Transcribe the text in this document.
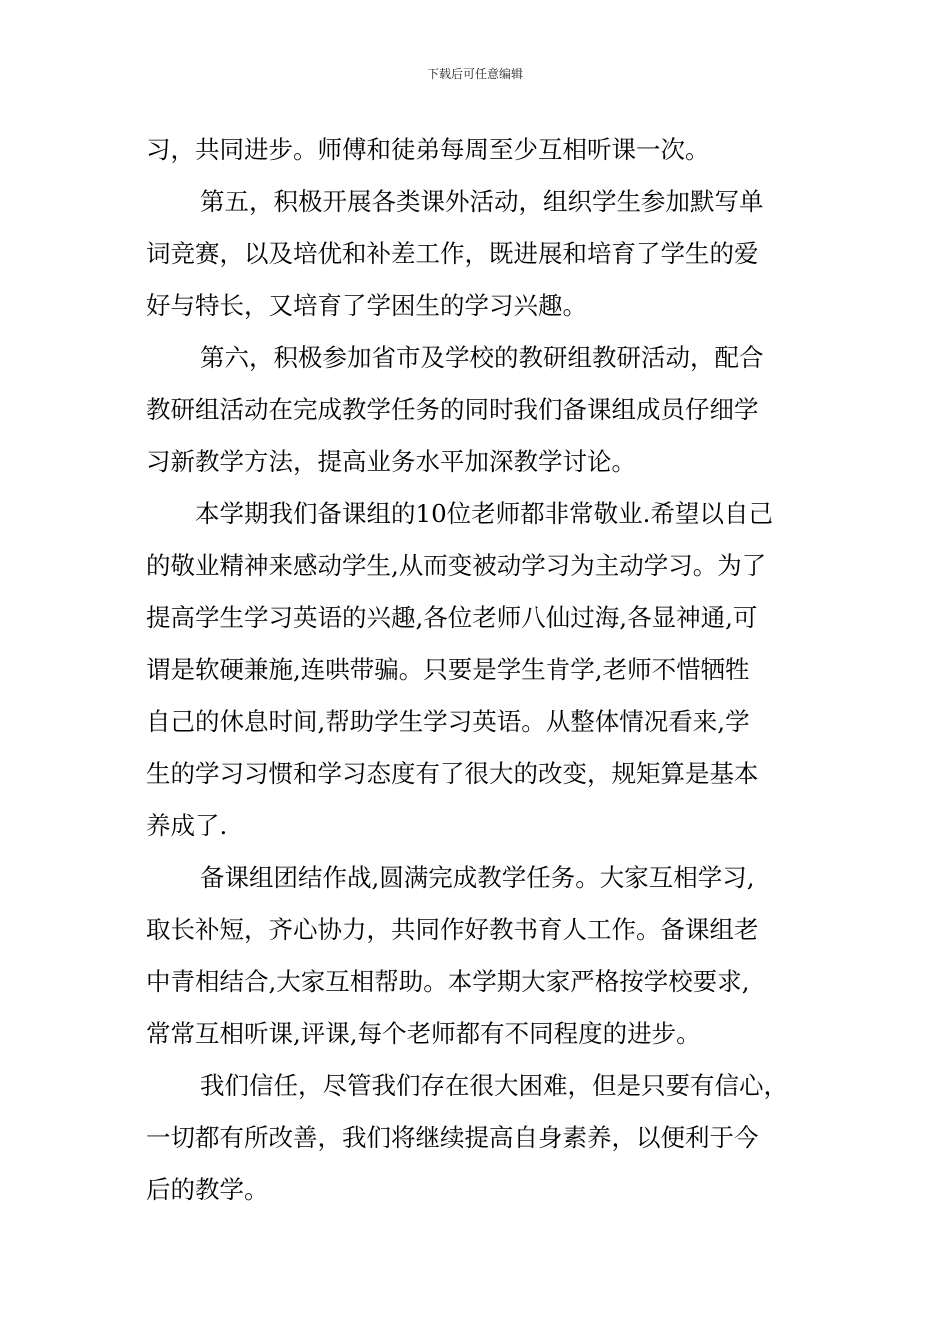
下载后可任意编辑
习，共同进步。师傅和徒弟每周至少互相听课一次。
第五，积极开展各类课外活动，组织学生参加默写单
词竞赛，以及培优和补差工作，既进展和培育了学生的爱
好与特长，又培育了学困生的学习兴趣。
第六，积极参加省市及学校的教研组教研活动，配合
教研组活动在完成教学任务的同时我们备课组成员仔细学
习新教学方法，提高业务水平加深教学讨论。
本学期我们备课组的10位老师都非常敬业.希望以自己
的敬业精神来感动学生,从而变被动学习为主动学习。为了
提高学生学习英语的兴趣,各位老师八仙过海,各显神通,可
谓是软硬兼施,连哄带骗。只要是学生肯学,老师不惜牺牲
自己的休息时间,帮助学生学习英语。从整体情况看来,学
生的学习习惯和学习态度有了很大的改变，规矩算是基本
养成了.
备课组团结作战,圆满完成教学任务。大家互相学习,
取长补短，齐心协力，共同作好教书育人工作。备课组老
中青相结合,大家互相帮助。本学期大家严格按学校要求,
常常互相听课,评课,每个老师都有不同程度的进步。
我们信任，尽管我们存在很大困难，但是只要有信心，
一切都有所改善，我们将继续提高自身素养，以便利于今
后的教学。
